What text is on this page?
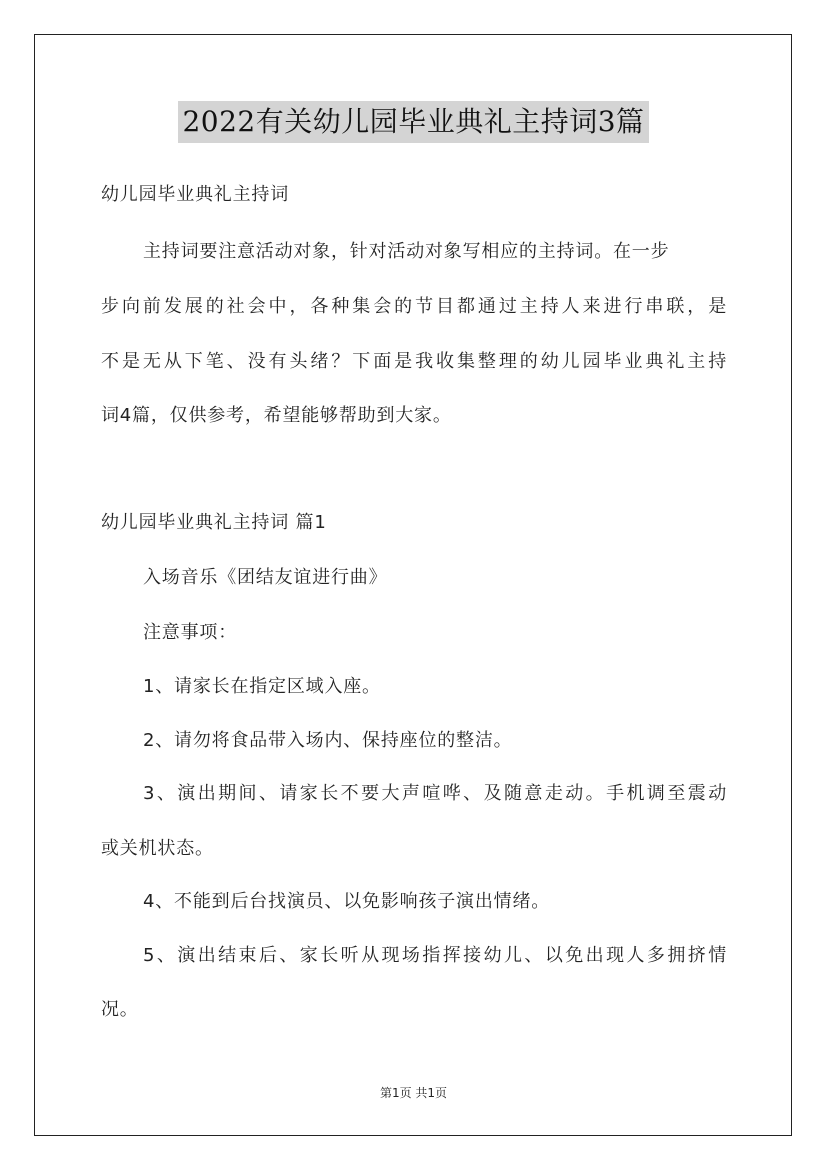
2022有关幼儿园毕业典礼主持词3篇
幼儿园毕业典礼主持词
主持词要注意活动对象，针对活动对象写相应的主持词。在一步
步向前发展的社会中，各种集会的节目都通过主持人来进行串联，是
不是无从下笔、没有头绪？下面是我收集整理的幼儿园毕业典礼主持
词4篇，仅供参考，希望能够帮助到大家。
幼儿园毕业典礼主持词 篇1
入场音乐《团结友谊进行曲》
注意事项：
1、请家长在指定区域入座。
2、请勿将食品带入场内、保持座位的整洁。
3、演出期间、请家长不要大声喧哗、及随意走动。手机调至震动
或关机状态。
4、不能到后台找演员、以免影响孩子演出情绪。
5、演出结束后、家长听从现场指挥接幼儿、以免出现人多拥挤情
况。
第1页 共1页
